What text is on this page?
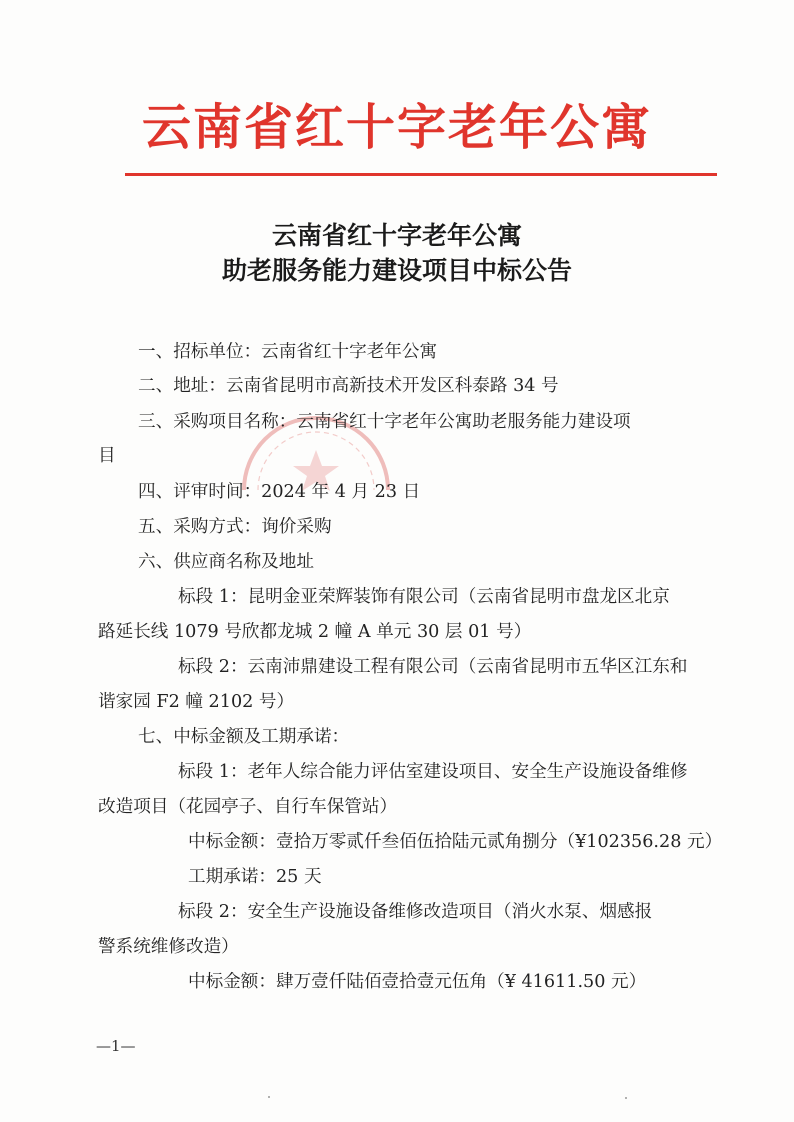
云南省红十字老年公寓
云南省红十字老年公寓
助老服务能力建设项目中标公告
一、招标单位：云南省红十字老年公寓
二、地址：云南省昆明市高新技术开发区科泰路 34 号
三、采购项目名称：云南省红十字老年公寓助老服务能力建设项
目
四、评审时间：2024 年 4 月 23 日
五、采购方式：询价采购
六、供应商名称及地址
标段 1：昆明金亚荣辉装饰有限公司（云南省昆明市盘龙区北京
路延长线 1079 号欣都龙城 2 幢 A 单元 30 层 01 号）
标段 2：云南沛鼎建设工程有限公司（云南省昆明市五华区江东和
谐家园 F2 幢 2102 号）
七、中标金额及工期承诺：
标段 1：老年人综合能力评估室建设项目、安全生产设施设备维修
改造项目（花园亭子、自行车保管站）
中标金额：壹拾万零贰仟叁佰伍拾陆元贰角捌分（¥102356.28 元）
工期承诺：25 天
标段 2：安全生产设施设备维修改造项目（消火水泵、烟感报
警系统维修改造）
中标金额：肆万壹仟陆佰壹拾壹元伍角（¥ 41611.50 元）
—1—
